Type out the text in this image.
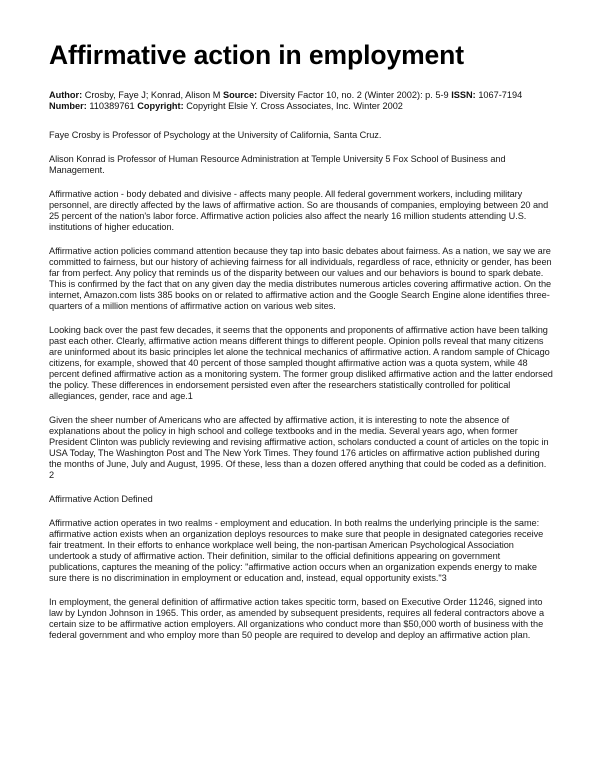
Affirmative action in employment
Author: Crosby, Faye J; Konrad, Alison M Source: Diversity Factor 10, no. 2 (Winter 2002): p. 5-9 ISSN: 1067-7194 Number: 110389761 Copyright: Copyright Elsie Y. Cross Associates, Inc. Winter 2002

Faye Crosby is Professor of Psychology at the University of California, Santa Cruz.

Alison Konrad is Professor of Human Resource Administration at Temple University 5 Fox School of Business and Management.

Affirmative action - body debated and divisive - affects many people. All federal government workers, including military personnel, are directly affected by the laws of affirmative action. So are thousands of companies, employing between 20 and 25 percent of the nation's labor force. Affirmative action policies also affect the nearly 16 million students attending U.S. institutions of higher education.

Affirmative action policies command attention because they tap into basic debates about fairness. As a nation, we say we are committed to fairness, but our history of achieving fairness for all individuals, regardless of race, ethnicity or gender, has been far from perfect. Any policy that reminds us of the disparity between our values and our behaviors is bound to spark debate. This is confirmed by the fact that on any given day the media distributes numerous articles covering affirmative action. On the internet, Amazon.com lists 385 books on or related to affirmative action and the Google Search Engine alone identifies three-quarters of a million mentions of affirmative action on various web sites.

Looking back over the past few decades, it seems that the opponents and proponents of affirmative action have been talking past each other. Clearly, affirmative action means different things to different people. Opinion polls reveal that many citizens are uninformed about its basic principles let alone the technical mechanics of affirmative action. A random sample of Chicago citizens, for example, showed that 40 percent of those sampled thought affirmative action was a quota system, while 48 percent defined affirmative action as a monitoring system. The former group disliked affirmative action and the latter endorsed the policy. These differences in endorsement persisted even after the researchers statistically controlled for political allegiances, gender, race and age.1

Given the sheer number of Americans who are affected by affirmative action, it is interesting to note the absence of explanations about the policy in high school and college textbooks and in the media. Several years ago, when former President Clinton was publicly reviewing and revising affirmative action, scholars conducted a count of articles on the topic in USA Today, The Washington Post and The New York Times. They found 176 articles on affirmative action published during the months of June, July and August, 1995. Of these, less than a dozen offered anything that could be coded as a definition. 2

Affirmative Action Defined

Affirmative action operates in two realms - employment and education. In both realms the underlying principle is the same: affirmative action exists when an organization deploys resources to make sure that people in designated categories receive fair treatment. In their efforts to enhance workplace well being, the non-partisan American Psychological Association undertook a study of affirmative action. Their definition, similar to the official definitions appearing on government publications, captures the meaning of the policy: "affirmative action occurs when an organization expends energy to make sure there is no discrimination in employment or education and, instead, equal opportunity exists."3

In employment, the general definition of affirmative action takes specitic torm, based on Executive Order 11246, signed into law by Lyndon Johnson in 1965. This order, as amended by subsequent presidents, requires all federal contractors above a certain size to be affirmative action employers. All organizations who conduct more than $50,000 worth of business with the federal government and who employ more than 50 people are required to develop and deploy an affirmative action plan.
